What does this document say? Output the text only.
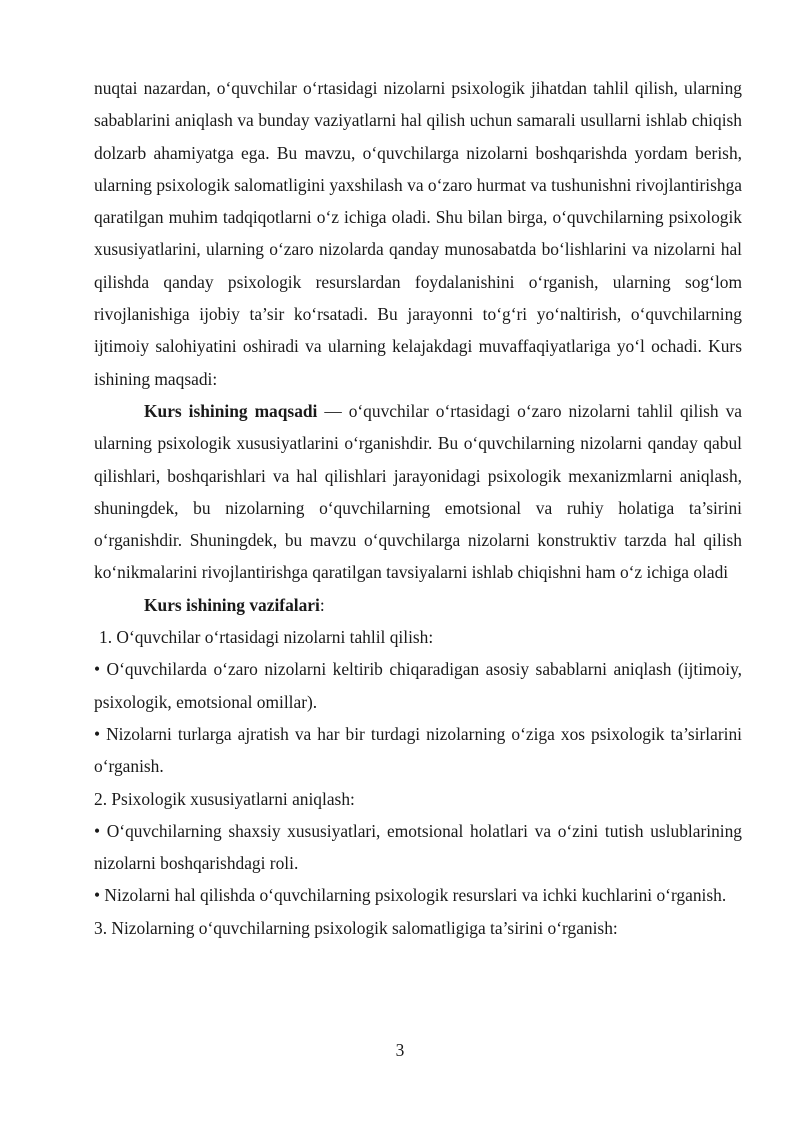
nuqtai nazardan, o‘quvchilar o‘rtasidagi nizolarni psixologik jihatdan tahlil qilish, ularning sabablarini aniqlash va bunday vaziyatlarni hal qilish uchun samarali usullarni ishlab chiqish dolzarb ahamiyatga ega. Bu mavzu, o‘quvchilarga nizolarni boshqarishda yordam berish, ularning psixologik salomatligini yaxshilash va o‘zaro hurmat va tushunishni rivojlantirishga qaratilgan muhim tadqiqotlarni o‘z ichiga oladi. Shu bilan birga, o‘quvchilarning psixologik xususiyatlarini, ularning o‘zaro nizolarda qanday munosabatda bo‘lishlarini va nizolarni hal qilishda qanday psixologik resurslardan foydalanishini o‘rganish, ularning sog‘lom rivojlanishiga ijobiy ta’sir ko‘rsatadi. Bu jarayonni to‘g‘ri yo‘naltirish, o‘quvchilarning ijtimoiy salohiyatini oshiradi va ularning kelajakdagi muvaffaqiyatlariga yo‘l ochadi. Kurs ishining maqsadi:

Kurs ishining maqsadi — o‘quvchilar o‘rtasidagi o‘zaro nizolarni tahlil qilish va ularning psixologik xususiyatlarini o‘rganishdir. Bu o‘quvchilarning nizolarni qanday qabul qilishlari, boshqarishlari va hal qilishlari jarayonidagi psixologik mexanizmlarni aniqlash, shuningdek, bu nizolarning o‘quvchilarning emotsional va ruhiy holatiga ta’sirini o‘rganishdir. Shuningdek, bu mavzu o‘quvchilarga nizolarni konstruktiv tarzda hal qilish ko‘nikmalarini rivojlantirishga qaratilgan tavsiyalarni ishlab chiqishni ham o‘z ichiga oladi

Kurs ishining vazifalari:

1. O‘quvchilar o‘rtasidagi nizolarni tahlil qilish:

• O‘quvchilarda o‘zaro nizolarni keltirib chiqaradigan asosiy sabablarni aniqlash (ijtimoiy, psixologik, emotsional omillar).

• Nizolarni turlarga ajratish va har bir turdagi nizolarning o‘ziga xos psixologik ta’sirlarini o‘rganish.

2. Psixologik xususiyatlarni aniqlash:

• O‘quvchilarning shaxsiy xususiyatlari, emotsional holatlari va o‘zini tutish uslublarining nizolarni boshqarishdagi roli.

• Nizolarni hal qilishda o‘quvchilarning psixologik resurslari va ichki kuchlarini o‘rganish.

3. Nizolarning o‘quvchilarning psixologik salomatligiga ta’sirini o‘rganish:

3
